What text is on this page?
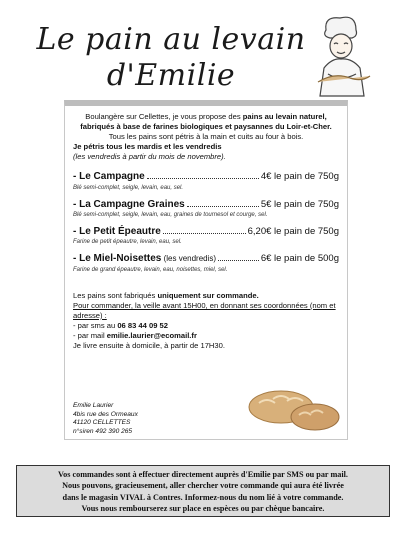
Le pain au levain
d'Emilie

Boulangère sur Cellettes, je vous propose des pains au levain naturel, fabriqués à base de farines biologiques et paysannes du Loir-et-Cher.

Tous les pains sont pétris à la main et cuits au four à bois.

Je pétris tous les mardis et les vendredis

(les vendredis à partir du mois de novembre).

- Le Campagne	4€ le pain de 750g
Blé semi-complet, seigle, levain, eau, sel.
- La Campagne Graines	5€ le pain de 750g
Blé semi-complet, seigle, levain, eau, graines de tournesol et courge, sel.
- Le Petit Épeautre	6,20€ le pain de 750g
Farine de petit épeautre, levain, eau, sel.
- Le Miel-Noisettes (les vendredis)	6€ le pain de 500g
Farine de grand épeautre, levain, eau, noisettes, miel, sel.

Les pains sont fabriqués uniquement sur commande.

Pour commander, la veille avant 15H00, en donnant ses coordonnées (nom et adresse) :

- par sms au 06 83 44 09 52

- par mail emilie.laurier@ecomail.fr

Je livre ensuite à domicile, à partir de 17H30.

Emilie Laurier
4bis rue des Ormeaux
41120 CELLETTES
n°siren 492 390 265
Vos commandes sont à effectuer directement auprès d'Emilie par SMS ou par mail.
Nous pouvons, gracieusement, aller chercher votre commande qui aura été livrée
dans le magasin VIVAL à Contres. Informez-nous du nom lié à votre commande.
Vous nous rembourserez sur place en espèces ou par chèque bancaire.
